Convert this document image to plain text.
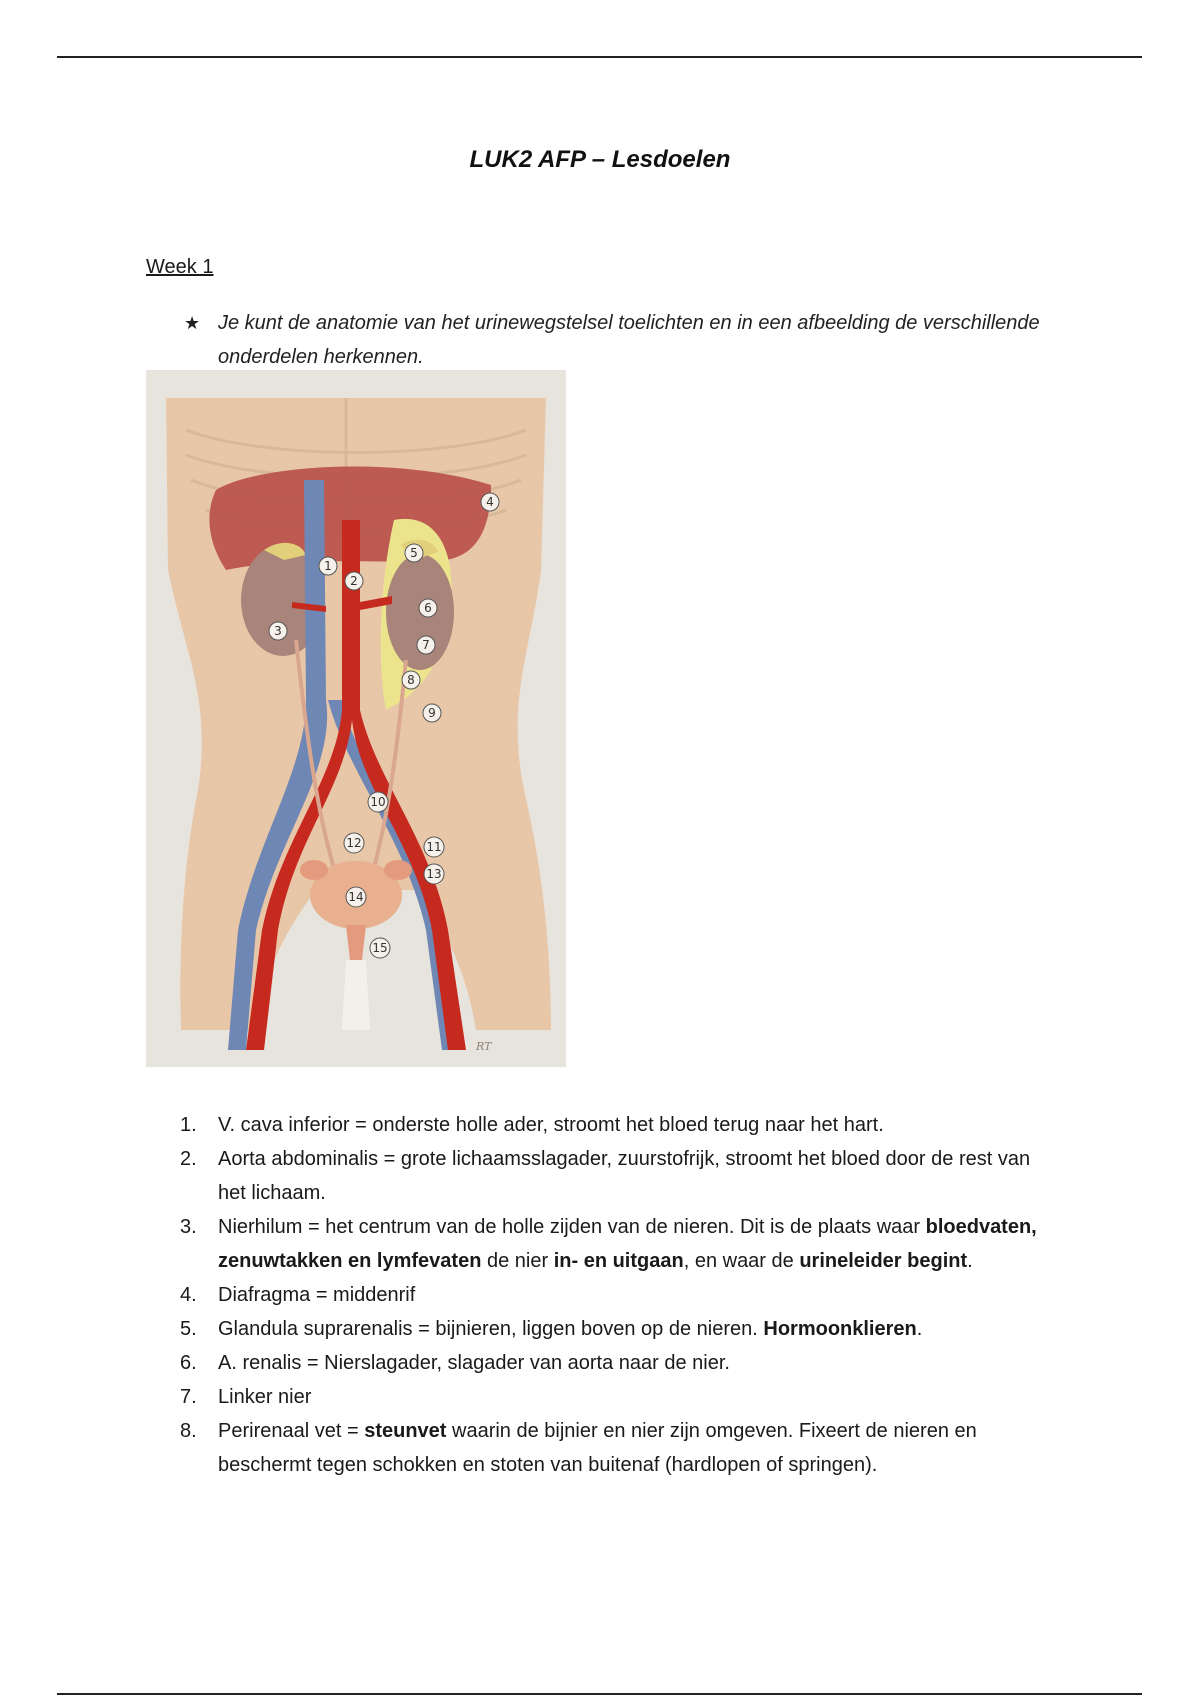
LUK2 AFP – Lesdoelen
Week 1
★ Je kunt de anatomie van het urinewegstelsel toelichten en in een afbeelding de verschillende onderdelen herkennen.
1
2
3
4
5
6
7
8
9
10
11
12
13
14
15
RT
1. V. cava inferior = onderste holle ader, stroomt het bloed terug naar het hart.
2. Aorta abdominalis = grote lichaamsslagader, zuurstofrijk, stroomt het bloed door de rest van het lichaam.
3. Nierhilum = het centrum van de holle zijden van de nieren. Dit is de plaats waar bloedvaten, zenuwtakken en lymfevaten de nier in- en uitgaan, en waar de urineleider begint.
4. Diafragma = middenrif
5. Glandula suprarenalis = bijnieren, liggen boven op de nieren. Hormoonklieren.
6. A. renalis = Nierslagader, slagader van aorta naar de nier.
7. Linker nier
8. Perirenaal vet = steunvet waarin de bijnier en nier zijn omgeven. Fixeert de nieren en beschermt tegen schokken en stoten van buitenaf (hardlopen of springen).
